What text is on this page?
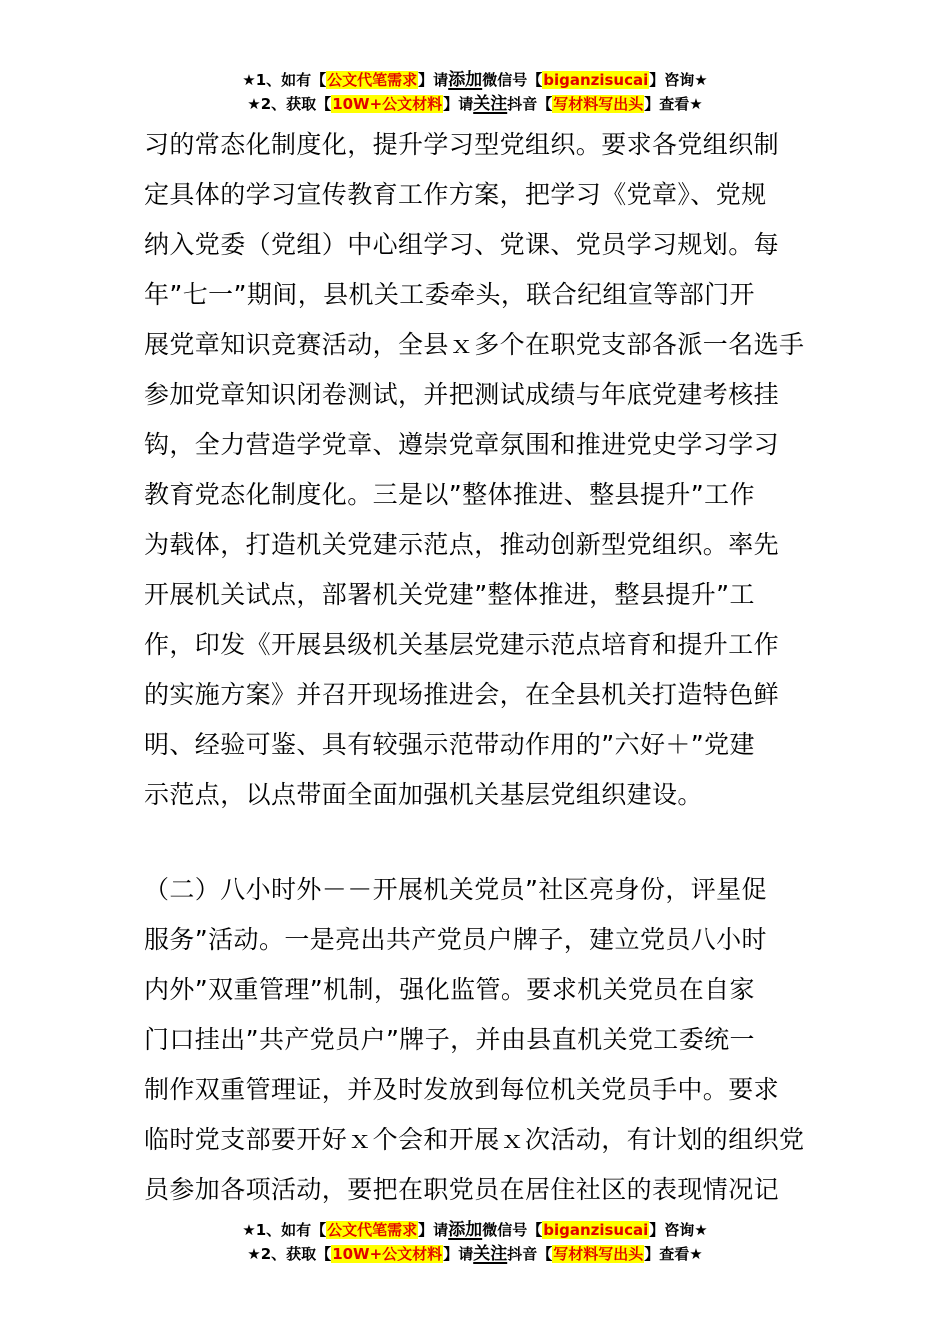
★1、如有【公文代笔需求】请添加微信号【biganzisucai】咨询★
★2、获取【10W+公文材料】请关注抖音【写材料写出头】查看★

习的常态化制度化，提升学习型党组织。要求各党组织制
定具体的学习宣传教育工作方案，把学习《党章》、党规
纳入党委（党组）中心组学习、党课、党员学习规划。每
年”七一”期间，县机关工委牵头，联合纪组宣等部门开
展党章知识竞赛活动，全县ｘ多个在职党支部各派一名选手
参加党章知识闭卷测试，并把测试成绩与年底党建考核挂
钩，全力营造学党章、遵崇党章氛围和推进党史学习学习
教育党态化制度化。三是以”整体推进、整县提升”工作
为载体，打造机关党建示范点，推动创新型党组织。率先
开展机关试点，部署机关党建”整体推进，整县提升”工
作，印发《开展县级机关基层党建示范点培育和提升工作
的实施方案》并召开现场推进会，在全县机关打造特色鲜
明、经验可鉴、具有较强示范带动作用的”六好＋”党建
示范点，以点带面全面加强机关基层党组织建设。

（二）八小时外－－开展机关党员”社区亮身份，评星促
服务”活动。一是亮出共产党员户牌子，建立党员八小时
内外”双重管理”机制，强化监管。要求机关党员在自家
门口挂出”共产党员户”牌子，并由县直机关党工委统一
制作双重管理证，并及时发放到每位机关党员手中。要求
临时党支部要开好ｘ个会和开展ｘ次活动，有计划的组织党
员参加各项活动，要把在职党员在居住社区的表现情况记

★1、如有【公文代笔需求】请添加微信号【biganzisucai】咨询★
★2、获取【10W+公文材料】请关注抖音【写材料写出头】查看★
